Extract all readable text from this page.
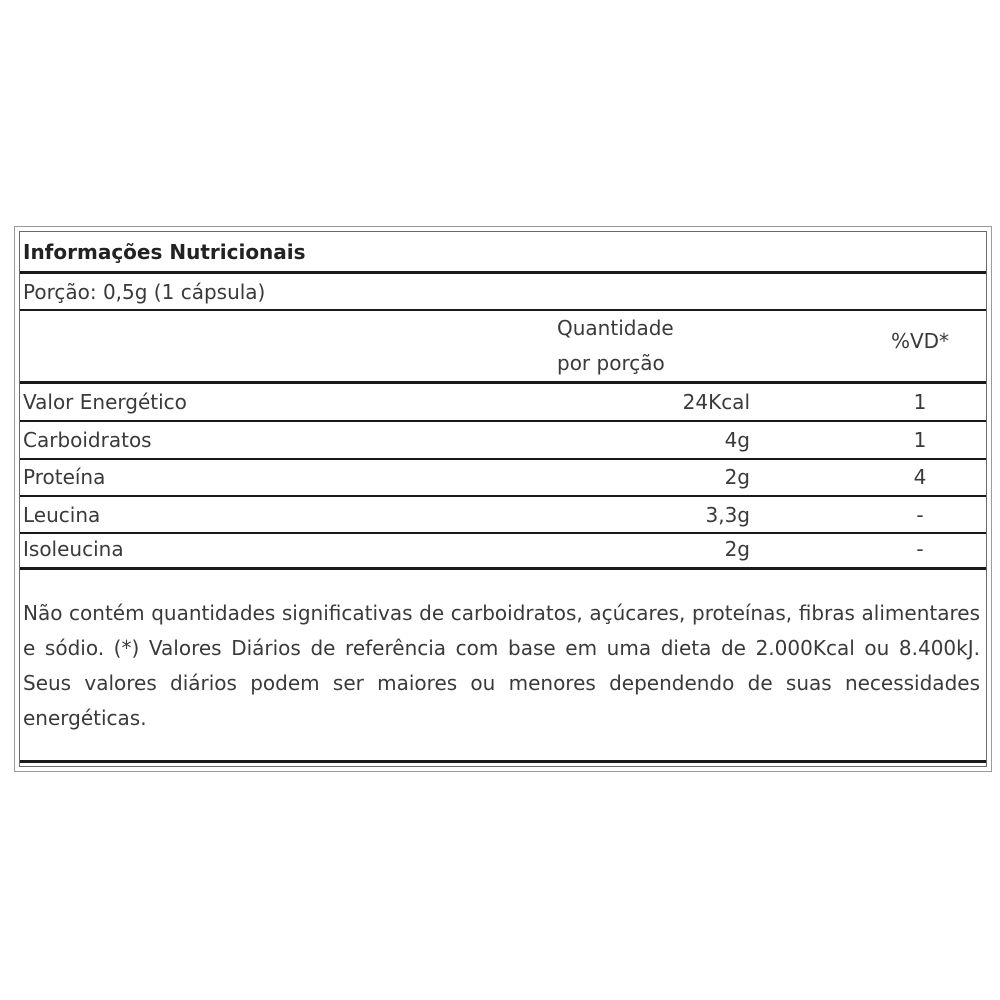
Informações Nutricionais
Porção: 0,5g (1 cápsula)
Quantidade
por porção
%VD*
Valor Energético	24Kcal	1
Carboidratos	4g	1
Proteína	2g	4
Leucina	3,3g	-
Isoleucina	2g	-
Não contém quantidades significativas de carboidratos, açúcares, proteínas, fibras alimentares e sódio. (*) Valores Diários de referência com base em uma dieta de 2.000Kcal ou 8.400kJ. Seus valores diários podem ser maiores ou menores dependendo de suas necessidades energéticas.
